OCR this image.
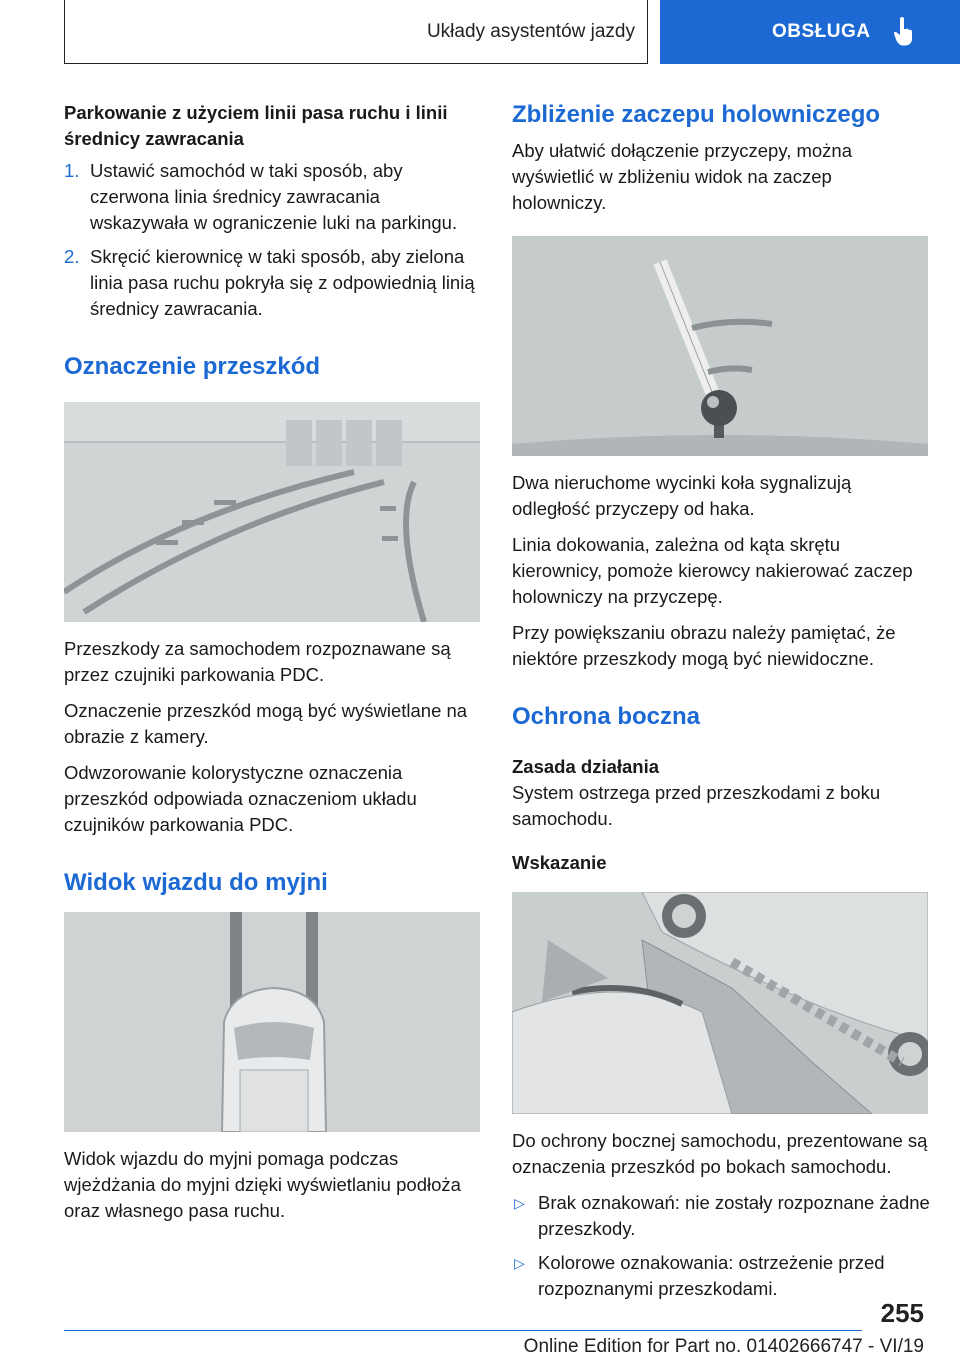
Układy asystentów jazdy	OBSŁUGA
Parkowanie z użyciem linii pasa ruchu i linii średnicy zawracania
1. Ustawić samochód w taki sposób, aby czerwona linia średnicy zawracania wskazywała w ograniczenie luki na parkingu.
2. Skręcić kierownicę w taki sposób, aby zielona linia pasa ruchu pokryła się z odpowiednią linią średnicy zawracania.
Oznaczenie przeszkód

Przeszkody za samochodem rozpoznawane są przez czujniki parkowania PDC.

Oznaczenie przeszkód mogą być wyświetlane na obrazie z kamery.

Odwzorowanie kolorystyczne oznaczenia przeszkód odpowiada oznaczeniom układu czujników parkowania PDC.

Widok wjazdu do myjni

Widok wjazdu do myjni pomaga podczas wjeżdżania do myjni dzięki wyświetlaniu podłoża oraz własnego pasa ruchu.

Zbliżenie zaczepu holowniczego

Aby ułatwić dołączenie przyczepy, można wyświetlić w zbliżeniu widok na zaczep holowniczy.

Dwa nieruchome wycinki koła sygnalizują odległość przyczepy od haka.

Linia dokowania, zależna od kąta skrętu kierownicy, pomoże kierowcy nakierować zaczep holowniczy na przyczepę.

Przy powiększaniu obrazu należy pamiętać, że niektóre przeszkody mogą być niewidoczne.

Ochrona boczna
Zasada działania

System ostrzega przed przeszkodami z boku samochodu.

Wskazanie

Do ochrony bocznej samochodu, prezentowane są oznaczenia przeszkód po bokach samochodu.

▷ Brak oznakowań: nie zostały rozpoznane żadne przeszkody.
▷ Kolorowe oznakowania: ostrzeżenie przed rozpoznanymi przeszkodami.
255
Online Edition for Part no. 01402666747 - VI/19
